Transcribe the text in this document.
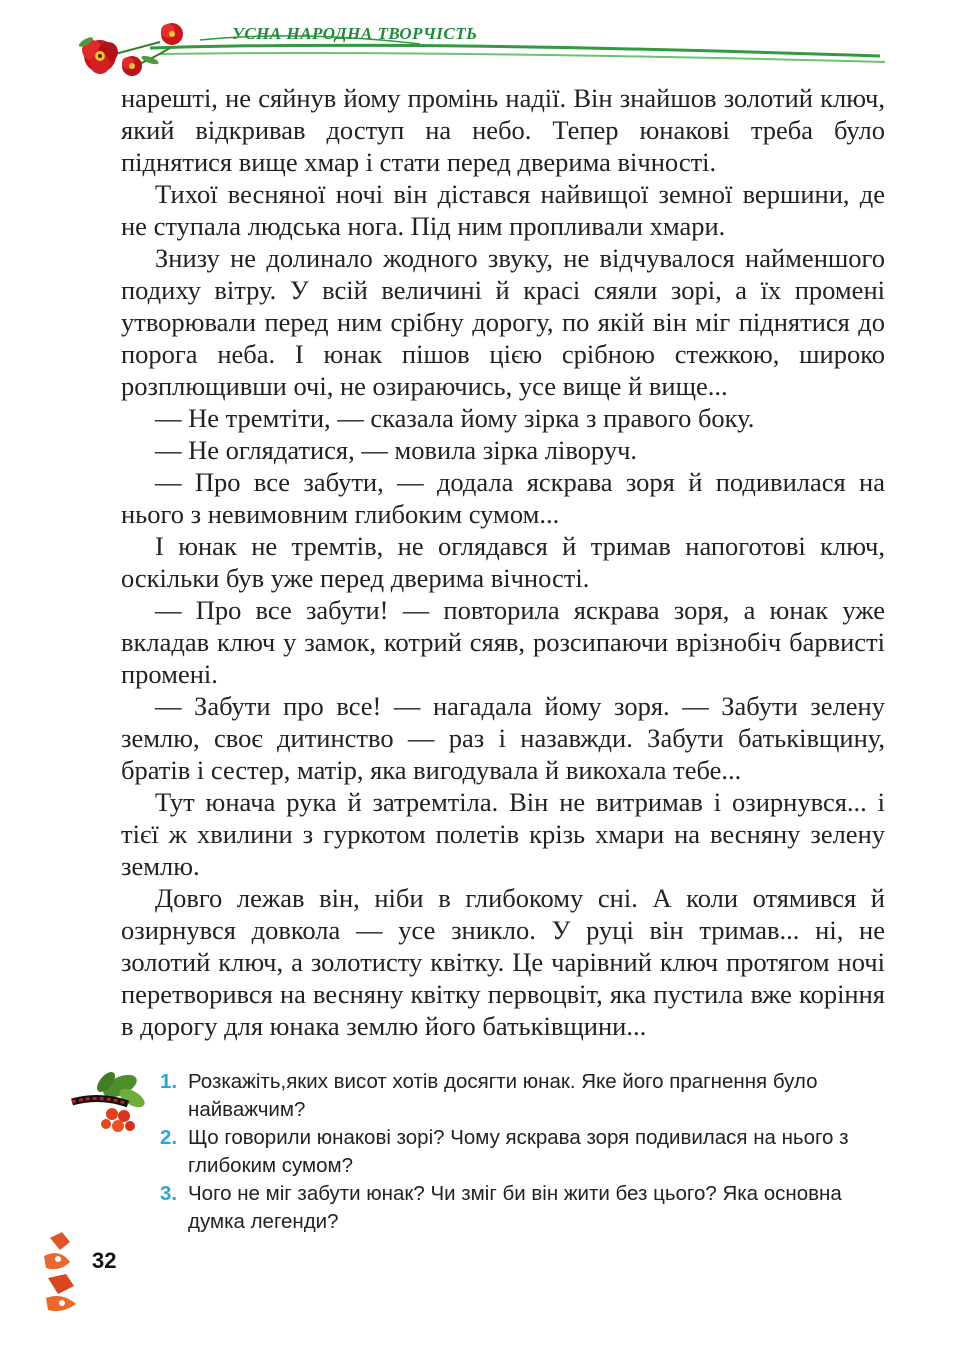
УСНА НАРОДНА ТВОРЧІСТЬ

нарешті, не сяйнув йому промінь надії. Він знайшов золотий ключ, який відкривав доступ на небо. Тепер юнакові треба було піднятися вище хмар і стати перед дверима вічності.

Тихої весняної ночі він дістався найвищої земної вершини, де не ступала людська нога. Під ним пропливали хмари.

Знизу не долинало жодного звуку, не відчувалося найменшого подиху вітру. У всій величині й красі сяяли зорі, а їх промені утворювали перед ним срібну дорогу, по якій він міг піднятися до порога неба. І юнак пішов цією срібною стежкою, широко розплющивши очі, не озираючись, усе вище й вище...

— Не тремтіти, — сказала йому зірка з правого боку.

— Не оглядатися, — мовила зірка ліворуч.

— Про все забути, — додала яскрава зоря й подивилася на нього з невимовним глибоким сумом...

І юнак не тремтів, не оглядався й тримав напоготові ключ, оскільки був уже перед дверима вічності.

— Про все забути! — повторила яскрава зоря, а юнак уже вкладав ключ у замок, котрий сяяв, розсипаючи врізнобіч барвисті промені.

— Забути про все! — нагадала йому зоря. — Забути зелену землю, своє дитинство — раз і назавжди. Забути батьківщину, братів і сестер, матір, яка вигодувала й викохала тебе...

Тут юнача рука й затремтіла. Він не витримав і озирнувся... і тієї ж хвилини з гуркотом полетів крізь хмари на весняну зелену землю.

Довго лежав він, ніби в глибокому сні. А коли отямився й озирнувся довкола — усе зникло. У руці він тримав... ні, не золотий ключ, а золотисту квітку. Це чарівний ключ протягом ночі перетворився на весняну квітку первоцвіт, яка пустила вже коріння в дорогу для юнака землю його батьківщини...

1. Розкажіть,яких висот хотів досягти юнак. Яке його прагнення було найважчим?
2. Що говорили юнакові зорі? Чому яскрава зоря подивилася на нього з глибоким сумом?
3. Чого не міг забути юнак? Чи зміг би він жити без цього? Яка основна думка легенди?
32
